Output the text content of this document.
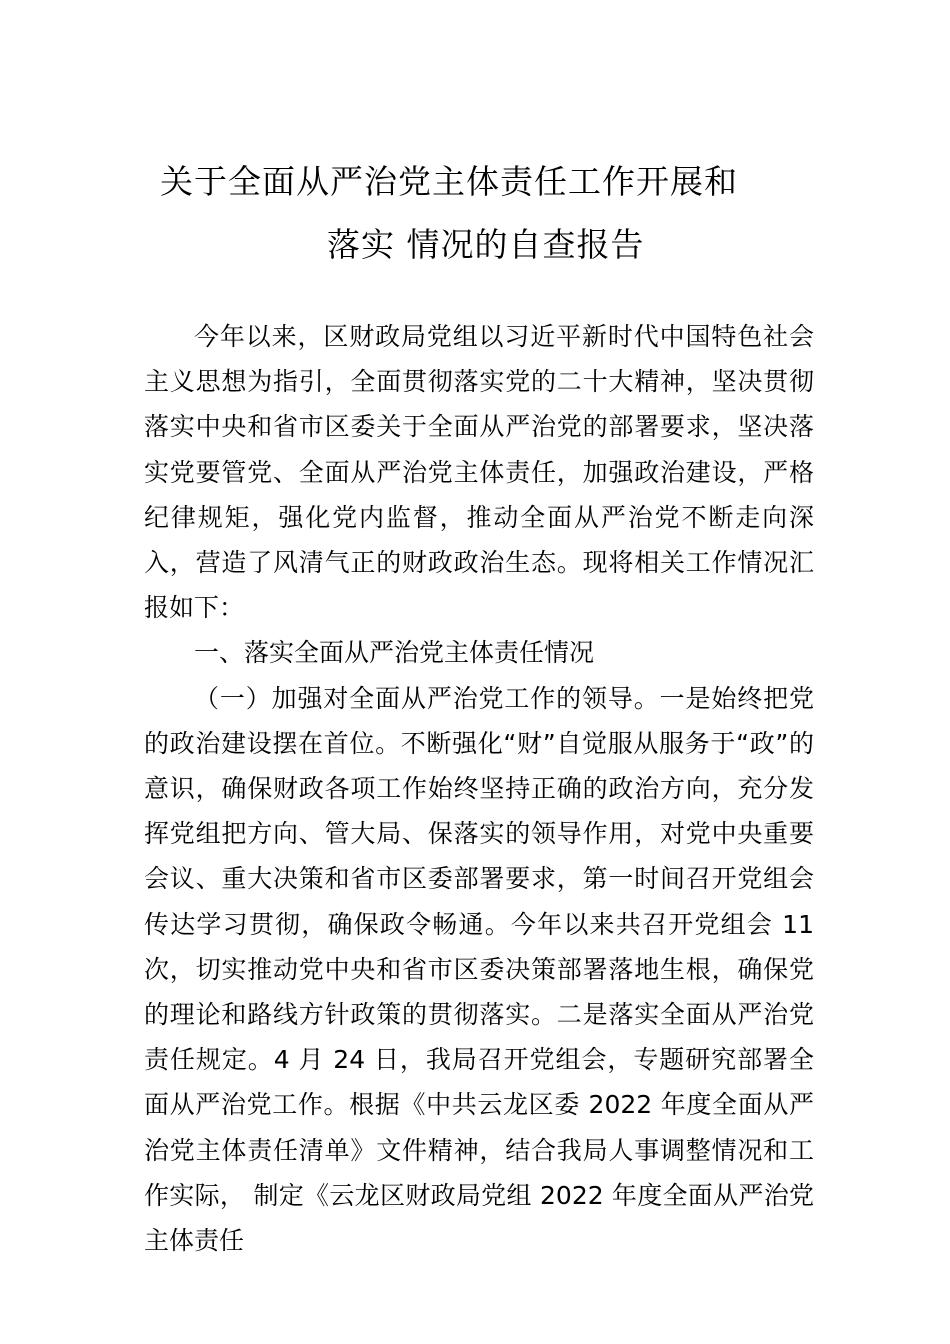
关于全面从严治党主体责任工作开展和
落实 情况的自查报告

今年以来，区财政局党组以习近平新时代中国特色社会主义思想为指引，全面贯彻落实党的二十大精神，坚决贯彻落实中央和省市区委关于全面从严治党的部署要求，坚决落实党要管党、全面从严治党主体责任，加强政治建设，严格纪律规矩，强化党内监督，推动全面从严治党不断走向深入，营造了风清气正的财政政治生态。现将相关工作情况汇报如下：

一、落实全面从严治党主体责任情况

（一）加强对全面从严治党工作的领导。一是始终把党的政治建设摆在首位。不断强化“财”自觉服从服务于“政”的意识，确保财政各项工作始终坚持正确的政治方向，充分发挥党组把方向、管大局、保落实的领导作用，对党中央重要会议、重大决策和省市区委部署要求，第一时间召开党组会传达学习贯彻，确保政令畅通。今年以来共召开党组会 11 次，切实推动党中央和省市区委决策部署落地生根，确保党的理论和路线方针政策的贯彻落实。二是落实全面从严治党责任规定。4 月 24 日，我局召开党组会，专题研究部署全面从严治党工作。根据《中共云龙区委 2022 年度全面从严治党主体责任清单》文件精神，结合我局人事调整情况和工作实际， 制定《云龙区财政局党组 2022 年度全面从严治党主体责任
